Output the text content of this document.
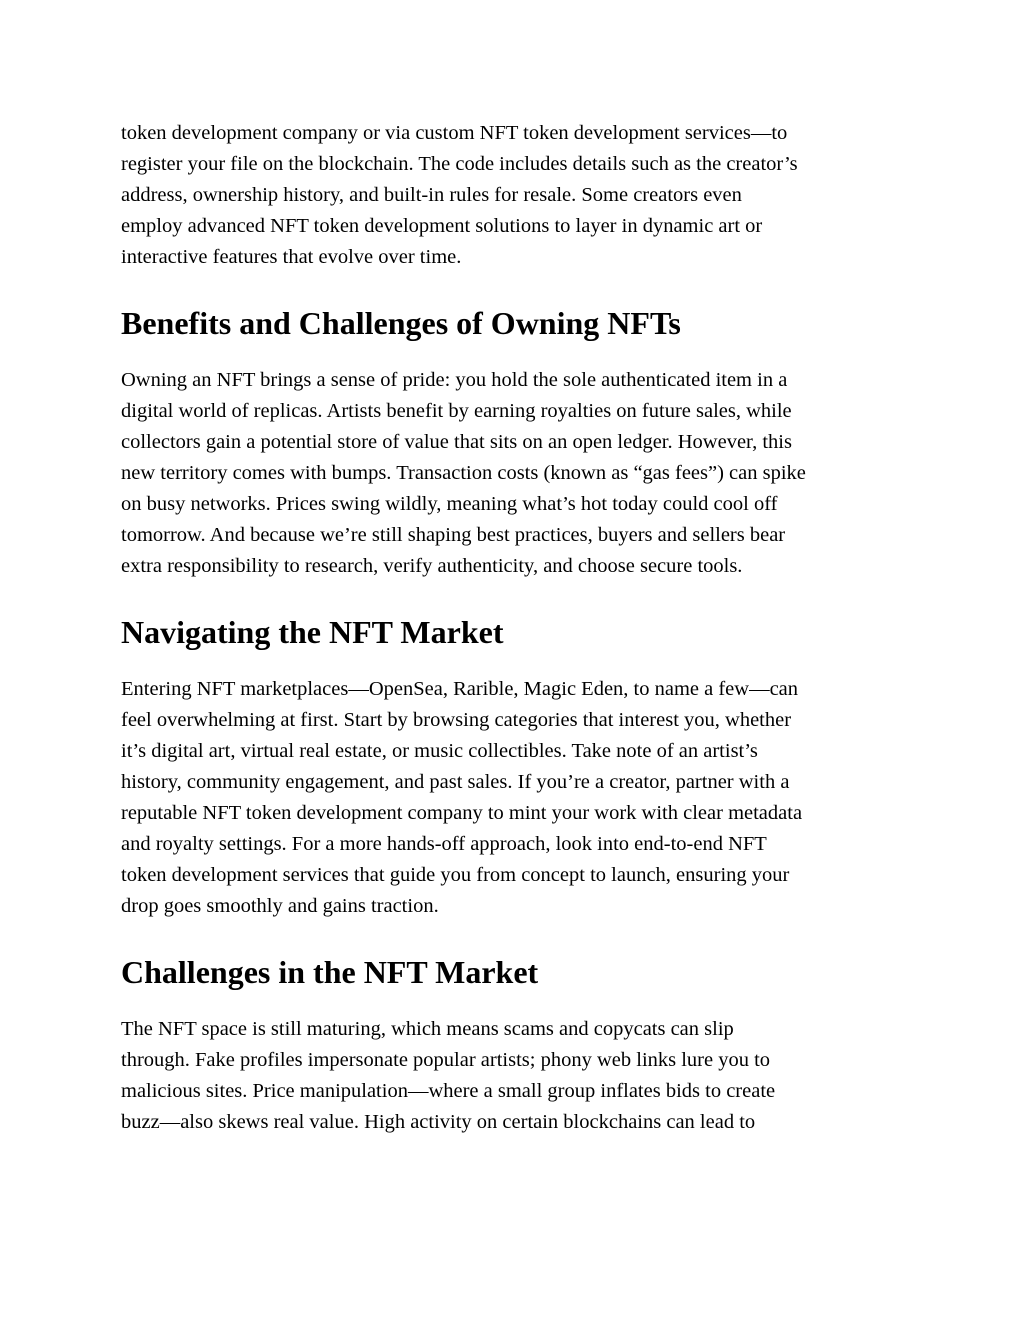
token development company or via custom NFT token development services—to
register your file on the blockchain. The code includes details such as the creator’s
address, ownership history, and built‑in rules for resale. Some creators even
employ advanced NFT token development solutions to layer in dynamic art or
interactive features that evolve over time.
Benefits and Challenges of Owning NFTs
Owning an NFT brings a sense of pride: you hold the sole authenticated item in a
digital world of replicas. Artists benefit by earning royalties on future sales, while
collectors gain a potential store of value that sits on an open ledger. However, this
new territory comes with bumps. Transaction costs (known as “gas fees”) can spike
on busy networks. Prices swing wildly, meaning what’s hot today could cool off
tomorrow. And because we’re still shaping best practices, buyers and sellers bear
extra responsibility to research, verify authenticity, and choose secure tools.
Navigating the NFT Market
Entering NFT marketplaces—OpenSea, Rarible, Magic Eden, to name a few—can
feel overwhelming at first. Start by browsing categories that interest you, whether
it’s digital art, virtual real estate, or music collectibles. Take note of an artist’s
history, community engagement, and past sales. If you’re a creator, partner with a
reputable NFT token development company to mint your work with clear metadata
and royalty settings. For a more hands‑off approach, look into end‑to‑end NFT
token development services that guide you from concept to launch, ensuring your
drop goes smoothly and gains traction.
Challenges in the NFT Market
The NFT space is still maturing, which means scams and copycats can slip
through. Fake profiles impersonate popular artists; phony web links lure you to
malicious sites. Price manipulation—where a small group inflates bids to create
buzz—also skews real value. High activity on certain blockchains can lead to
